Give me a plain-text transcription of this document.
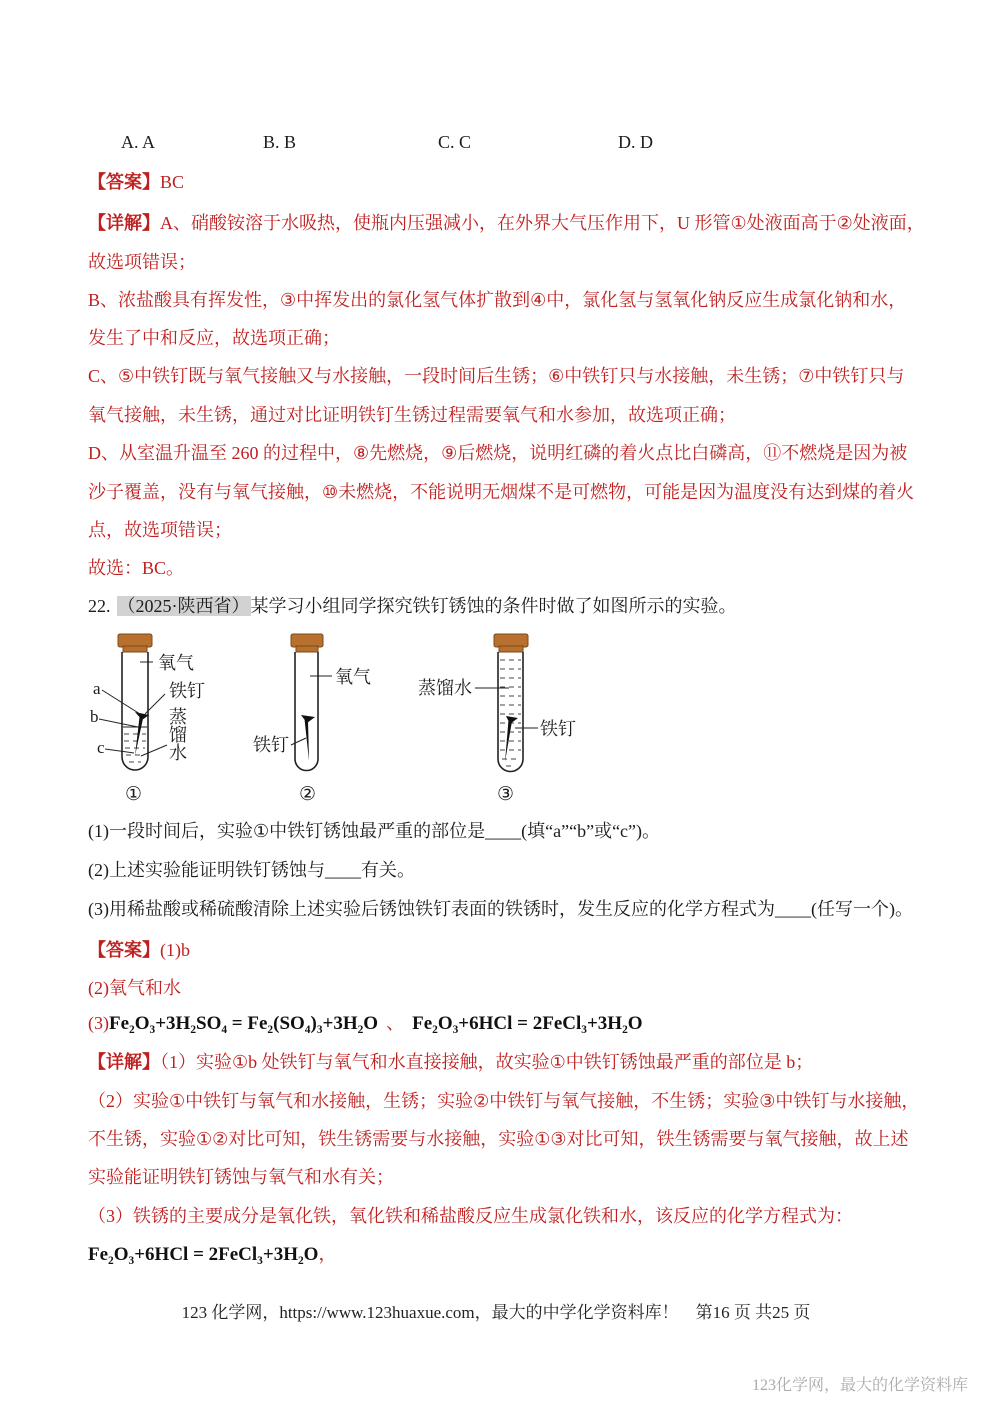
A. A	B. B	C. C	D. D
【答案】BC
【详解】A、硝酸铵溶于水吸热，使瓶内压强减小，在外界大气压作用下，U 形管①处液面高于②处液面，
故选项错误；
B、浓盐酸具有挥发性，③中挥发出的氯化氢气体扩散到④中，氯化氢与氢氧化钠反应生成氯化钠和水，
发生了中和反应，故选项正确；
C、⑤中铁钉既与氧气接触又与水接触，一段时间后生锈；⑥中铁钉只与水接触，未生锈；⑦中铁钉只与
氧气接触，未生锈，通过对比证明铁钉生锈过程需要氧气和水参加，故选项正确；
D、从室温升温至 260 的过程中，⑧先燃烧，⑨后燃烧，说明红磷的着火点比白磷高，⑪不燃烧是因为被
沙子覆盖，没有与氧气接触，⑩未燃烧，不能说明无烟煤不是可燃物，可能是因为温度没有达到煤的着火
点，故选项错误；
故选：BC。
22. （2025·陕西省）某学习小组同学探究铁钉锈蚀的条件时做了如图所示的实验。
氧气
铁钉
a
b
c
蒸
馏
水
①
氧气
铁钉
②
蒸馏水
铁钉
③
(1)一段时间后，实验①中铁钉锈蚀最严重的部位是____(填“a”“b”或“c”)。
(2)上述实验能证明铁钉锈蚀与____有关。
(3)用稀盐酸或稀硫酸清除上述实验后锈蚀铁钉表面的铁锈时，发生反应的化学方程式为____(任写一个)。
【答案】(1)b
(2)氧气和水
(3)Fe₂O₃+3H₂SO₄ = Fe₂(SO₄)₃+3H₂O 、 Fe₂O₃+6HCl = 2FeCl₃+3H₂O
【详解】（1）实验①b 处铁钉与氧气和水直接接触，故实验①中铁钉锈蚀最严重的部位是 b；
（2）实验①中铁钉与氧气和水接触，生锈；实验②中铁钉与氧气接触，不生锈；实验③中铁钉与水接触，
不生锈，实验①②对比可知，铁生锈需要与水接触，实验①③对比可知，铁生锈需要与氧气接触，故上述
实验能证明铁钉锈蚀与氧气和水有关；
（3）铁锈的主要成分是氧化铁，氧化铁和稀盐酸反应生成氯化铁和水，该反应的化学方程式为：
Fe₂O₃+6HCl = 2FeCl₃+3H₂O，
123 化学网，https://www.123huaxue.com，最大的中学化学资料库！　第16 页 共25 页
123化学网，最大的化学资料库
